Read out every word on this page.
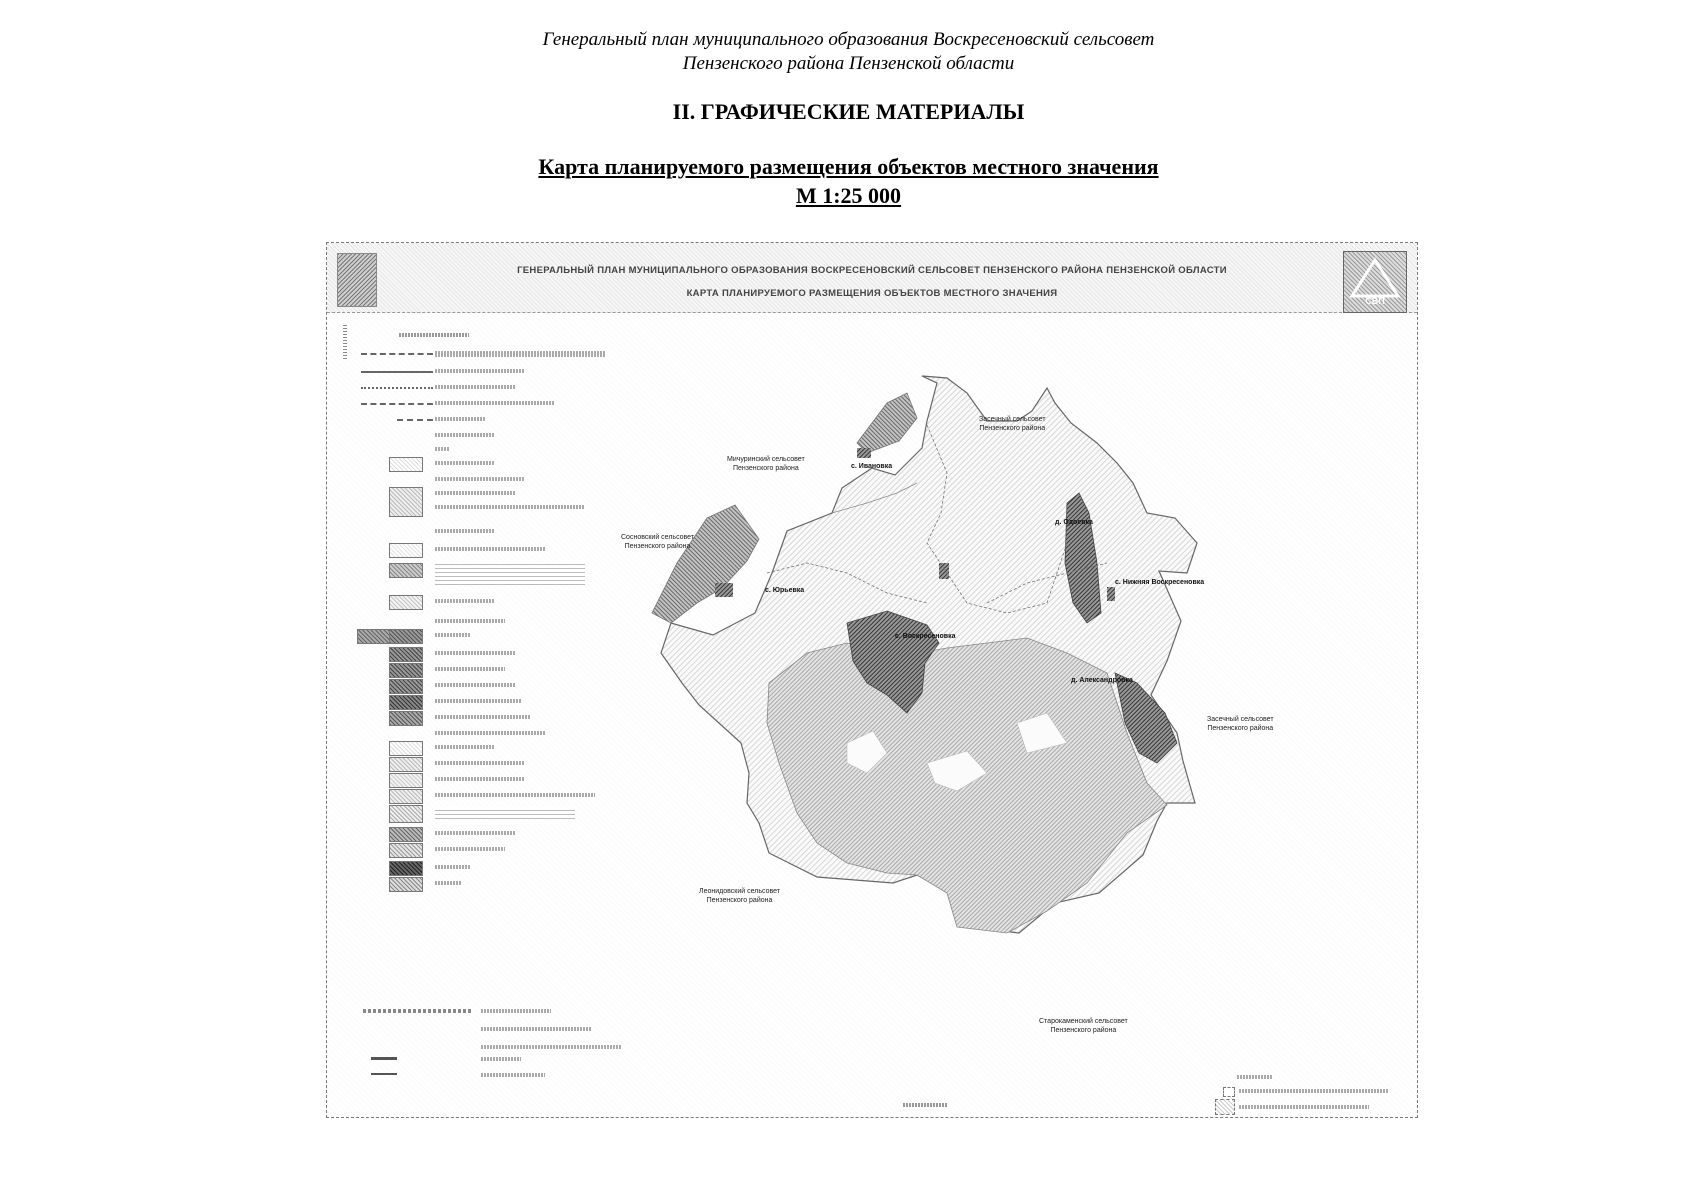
Генеральный план муниципального образования Воскресеновский сельсовет
Пензенского района Пензенской области
II. ГРАФИЧЕСКИЕ МАТЕРИАЛЫ
Карта планируемого размещения объектов местного значения
М 1:25 000
ГЕНЕРАЛЬНЫЙ ПЛАН МУНИЦИПАЛЬНОГО ОБРАЗОВАНИЯ ВОСКРЕСЕНОВСКИЙ СЕЛЬСОВЕТ ПЕНЗЕНСКОГО РАЙОНА ПЕНЗЕНСКОЙ ОБЛАСТИ
КАРТА ПЛАНИРУЕМОГО РАЗМЕЩЕНИЯ ОБЪЕКТОВ МЕСТНОГО ЗНАЧЕНИЯ
СВП
Засечный сельсовет
Пензенского района
Мичуринский сельсовет
Пензенского района
Сосновский сельсовет
Пензенского района
Засечный сельсовет
Пензенского района
Леонидовский сельсовет
Пензенского района
Старокаменский сельсовет
Пензенского района
с. Ивановка
с. Юрьевка
с. Воскресеновка
д. Одоевка
с. Нижняя Воскресеновка
д. Александровка
